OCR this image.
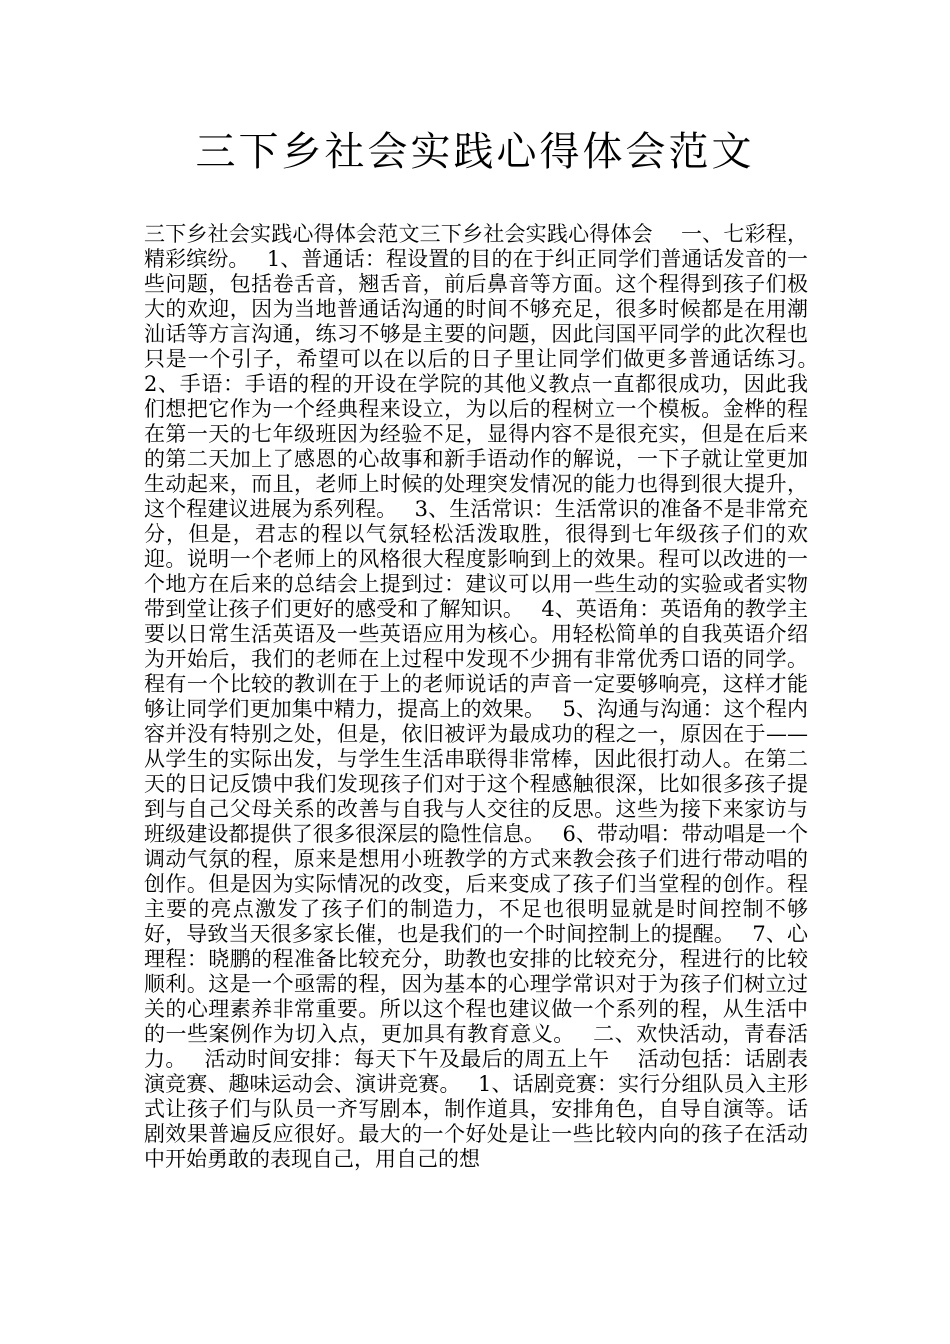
三下乡社会实践心得体会范文

三下乡社会实践心得体会范文三下乡社会实践心得体会　 一、七彩程，精彩缤纷。　 1、普通话：程设置的目的在于纠正同学们普通话发音的一些问题，包括卷舌音，翘舌音，前后鼻音等方面。这个程得到孩子们极大的欢迎，因为当地普通话沟通的时间不够充足，很多时候都是在用潮汕话等方言沟通，练习不够是主要的问题，因此闫国平同学的此次程也只是一个引子，希望可以在以后的日子里让同学们做更多普通话练习。　 2、手语：手语的程的开设在学院的其他义教点一直都很成功，因此我们想把它作为一个经典程来设立，为以后的程树立一个模板。金桦的程在第一天的七年级班因为经验不足，显得内容不是很充实，但是在后来的第二天加上了感恩的心故事和新手语动作的解说，一下子就让堂更加生动起来，而且，老师上时候的处理突发情况的能力也得到很大提升，这个程建议进展为系列程。　 3、生活常识：生活常识的准备不是非常充分，但是，君志的程以气氛轻松活泼取胜，很得到七年级孩子们的欢迎。说明一个老师上的风格很大程度影响到上的效果。程可以改进的一个地方在后来的总结会上提到过：建议可以用一些生动的实验或者实物带到堂让孩子们更好的感受和了解知识。　 4、英语角：英语角的教学主要以日常生活英语及一些英语应用为核心。用轻松简单的自我英语介绍为开始后，我们的老师在上过程中发现不少拥有非常优秀口语的同学。程有一个比较的教训在于上的老师说话的声音一定要够响亮，这样才能够让同学们更加集中精力，提高上的效果。　 5、沟通与沟通：这个程内容并没有特别之处，但是，依旧被评为最成功的程之一，原因在于——从学生的实际出发，与学生生活串联得非常棒，因此很打动人。在第二天的日记反馈中我们发现孩子们对于这个程感触很深，比如很多孩子提到与自己父母关系的改善与自我与人交往的反思。这些为接下来家访与班级建设都提供了很多很深层的隐性信息。　 6、带动唱：带动唱是一个调动气氛的程，原来是想用小班教学的方式来教会孩子们进行带动唱的创作。但是因为实际情况的改变，后来变成了孩子们当堂程的创作。程主要的亮点激发了孩子们的制造力，不足也很明显就是时间控制不够好，导致当天很多家长催，也是我们的一个时间控制上的提醒。　 7、心理程：晓鹏的程准备比较充分，助教也安排的比较充分，程进行的比较顺利。这是一个亟需的程，因为基本的心理学常识对于为孩子们树立过关的心理素养非常重要。所以这个程也建议做一个系列的程，从生活中的一些案例作为切入点，更加具有教育意义。　 二、欢快活动，青春活力。　 活动时间安排：每天下午及最后的周五上午　 活动包括：话剧表演竞赛、趣味运动会、演讲竞赛。　 1、话剧竞赛：实行分组队员入主形式让孩子们与队员一齐写剧本，制作道具，安排角色，自导自演等。话剧效果普遍反应很好。最大的一个好处是让一些比较内向的孩子在活动中开始勇敢的表现自己，用自己的想
